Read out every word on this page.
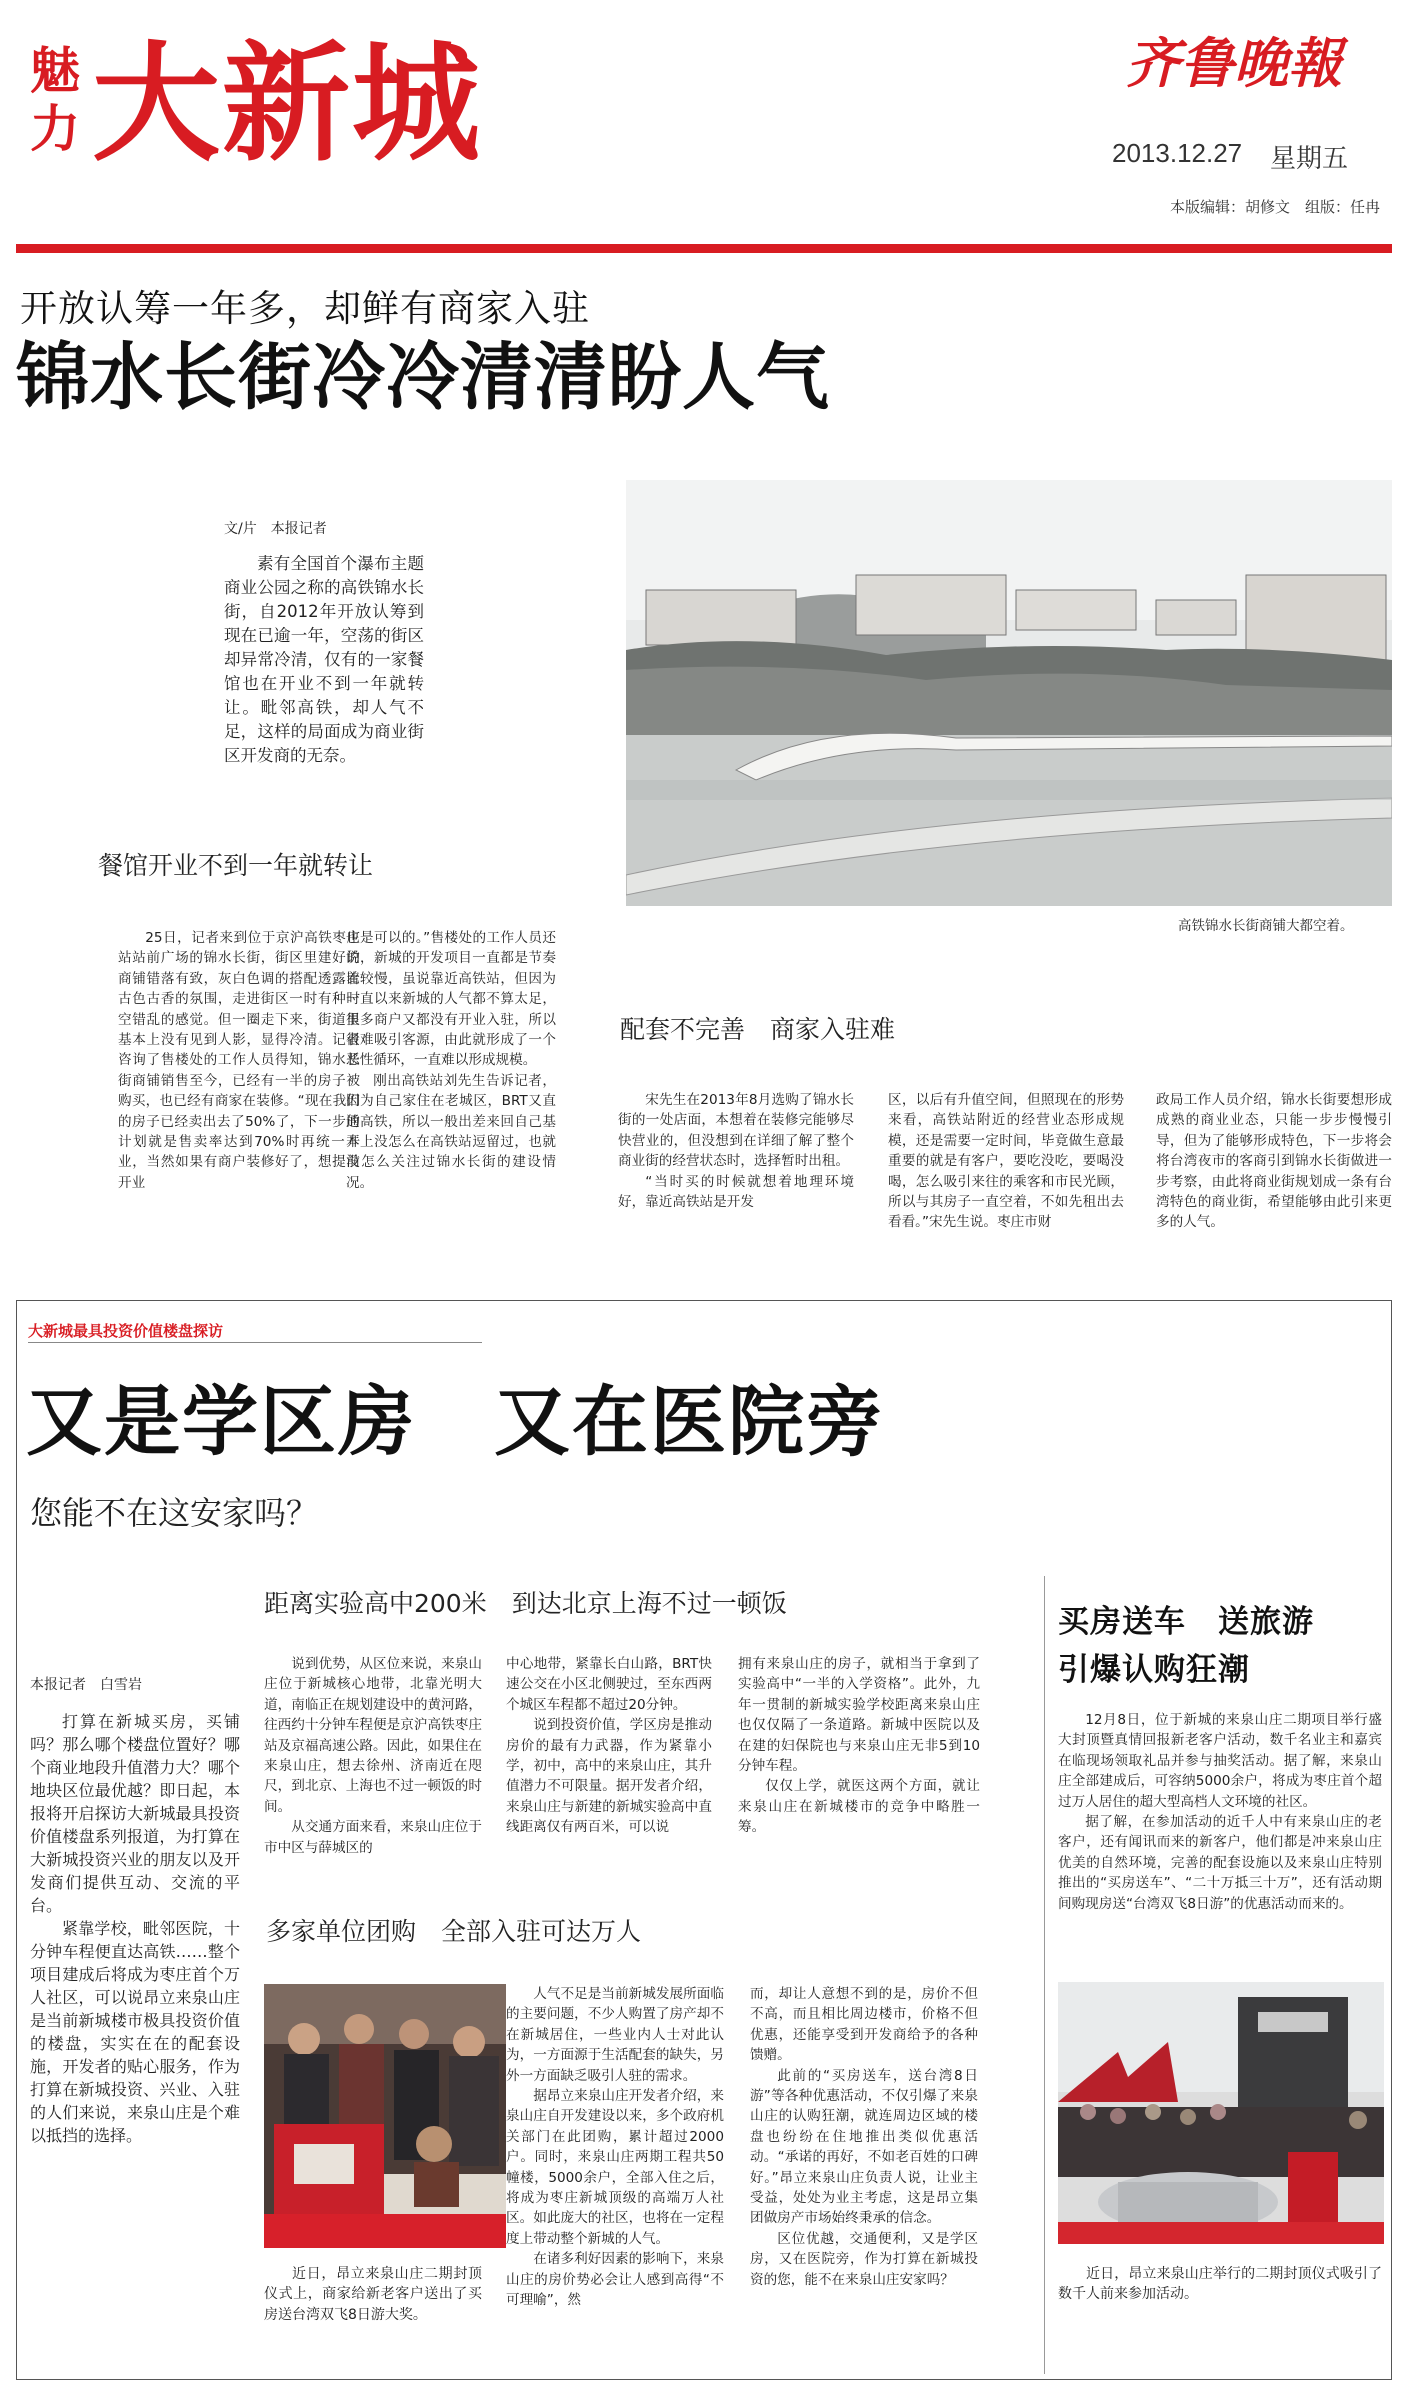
魅力 大新城	齐鲁晚報
2013.12.27 星期五
本版编辑：胡修文　组版：任冉
开放认筹一年多，却鲜有商家入驻
锦水长街冷冷清清盼人气
文/片　本报记者

素有全国首个瀑布主题商业公园之称的高铁锦水长街，自2012年开放认筹到现在已逾一年，空荡的街区却异常冷清，仅有的一家餐馆也在开业不到一年就转让。毗邻高铁，却人气不足，这样的局面成为商业街区开发商的无奈。

餐馆开业不到一年就转让

25日，记者来到位于京沪高铁枣庄站站前广场的锦水长街，街区里建好的商铺错落有致，灰白色调的搭配透露着古色古香的氛围，走进街区一时有种时空错乱的感觉。但一圈走下来，街道里基本上没有见到人影，显得冷清。记者咨询了售楼处的工作人员得知，锦水长街商铺销售至今，已经有一半的房子被购买，也已经有商家在装修。“现在我们的房子已经卖出去了50%了，下一步的计划就是售卖率达到70%时再统一开业，当然如果有商户装修好了，想提前开业

也是可以的。”售楼处的工作人员还说，新城的开发项目一直都是节奏比较慢，虽说靠近高铁站，但因为一直以来新城的人气都不算太足，很多商户又都没有开业入驻，所以很难吸引客源，由此就形成了一个恶性循环，一直难以形成规模。

刚出高铁站刘先生告诉记者，因为自己家住在老城区，BRT又直通高铁，所以一般出差来回自己基本上没怎么在高铁站逗留过，也就没怎么关注过锦水长街的建设情况。

高铁锦水长街商铺大都空着。
配套不完善　商家入驻难

宋先生在2013年8月选购了锦水长街的一处店面，本想着在装修完能够尽快营业的，但没想到在详细了解了整个商业街的经营状态时，选择暂时出租。

“当时买的时候就想着地理环境好，靠近高铁站是开发

区，以后有升值空间，但照现在的形势来看，高铁站附近的经营业态形成规模，还是需要一定时间，毕竟做生意最重要的就是有客户，要吃没吃，要喝没喝，怎么吸引来往的乘客和市民光顾，所以与其房子一直空着，不如先租出去看看。”宋先生说。枣庄市财

政局工作人员介绍，锦水长街要想形成成熟的商业业态，只能一步步慢慢引导，但为了能够形成特色，下一步将会将台湾夜市的客商引到锦水长街做进一步考察，由此将商业街规划成一条有台湾特色的商业街，希望能够由此引来更多的人气。

大新城最具投资价值楼盘探访
又是学区房　又在医院旁
您能不在这安家吗？
距离实验高中200米　到达北京上海不过一顿饭
本报记者　白雪岩

打算在新城买房，买铺吗？那么哪个楼盘位置好？哪个商业地段升值潜力大？哪个地块区位最优越？即日起，本报将开启探访大新城最具投资价值楼盘系列报道，为打算在大新城投资兴业的朋友以及开发商们提供互动、交流的平台。

紧靠学校，毗邻医院，十分钟车程便直达高铁……整个项目建成后将成为枣庄首个万人社区，可以说昂立来泉山庄是当前新城楼市极具投资价值的楼盘，实实在在的配套设施，开发者的贴心服务，作为打算在新城投资、兴业、入驻的人们来说，来泉山庄是个难以抵挡的选择。

说到优势，从区位来说，来泉山庄位于新城核心地带，北靠光明大道，南临正在规划建设中的黄河路，往西约十分钟车程便是京沪高铁枣庄站及京福高速公路。因此，如果住在来泉山庄，想去徐州、济南近在咫尺，到北京、上海也不过一顿饭的时间。

从交通方面来看，来泉山庄位于市中区与薛城区的

中心地带，紧靠长白山路，BRT快速公交在小区北侧驶过，至东西两个城区车程都不超过20分钟。

说到投资价值，学区房是推动房价的最有力武器，作为紧靠小学，初中，高中的来泉山庄，其升值潜力不可限量。据开发者介绍，来泉山庄与新建的新城实验高中直线距离仅有两百米，可以说

拥有来泉山庄的房子，就相当于拿到了实验高中“一半的入学资格”。此外，九年一贯制的新城实验学校距离来泉山庄也仅仅隔了一条道路。新城中医院以及在建的妇保院也与来泉山庄无非5到10分钟车程。

仅仅上学，就医这两个方面，就让来泉山庄在新城楼市的竞争中略胜一筹。

多家单位团购　全部入驻可达万人

近日，昂立来泉山庄二期封顶仪式上，商家给新老客户送出了买房送台湾双飞8日游大奖。

人气不足是当前新城发展所面临的主要问题，不少人购置了房产却不在新城居住，一些业内人士对此认为，一方面源于生活配套的缺失，另外一方面缺乏吸引人驻的需求。

据昂立来泉山庄开发者介绍，来泉山庄自开发建设以来，多个政府机关部门在此团购，累计超过2000户。同时，来泉山庄两期工程共50幢楼，5000余户，全部入住之后，将成为枣庄新城顶级的高端万人社区。如此庞大的社区，也将在一定程度上带动整个新城的人气。

在诸多利好因素的影响下，来泉山庄的房价势必会让人感到高得“不可理喻”，然

而，却让人意想不到的是，房价不但不高，而且相比周边楼市，价格不但优惠，还能享受到开发商给予的各种馈赠。

此前的“买房送车，送台湾8日游”等各种优惠活动，不仅引爆了来泉山庄的认购狂潮，就连周边区域的楼盘也纷纷在住地推出类似优惠活动。“承诺的再好，不如老百姓的口碑好。”昂立来泉山庄负责人说，让业主受益，处处为业主考虑，这是昂立集团做房产市场始终秉承的信念。

区位优越，交通便利，又是学区房，又在医院旁，作为打算在新城投资的您，能不在来泉山庄安家吗？

买房送车　送旅游
引爆认购狂潮

12月8日，位于新城的来泉山庄二期项目举行盛大封顶暨真情回报新老客户活动，数千名业主和嘉宾在临现场领取礼品并参与抽奖活动。据了解，来泉山庄全部建成后，可容纳5000余户，将成为枣庄首个超过万人居住的超大型高档人文环境的社区。

据了解，在参加活动的近千人中有来泉山庄的老客户，还有闻讯而来的新客户，他们都是冲来泉山庄优美的自然环境，完善的配套设施以及来泉山庄特别推出的“买房送车”、“二十万抵三十万”，还有活动期间购现房送“台湾双飞8日游”的优惠活动而来的。

近日，昂立来泉山庄举行的二期封顶仪式吸引了数千人前来参加活动。
